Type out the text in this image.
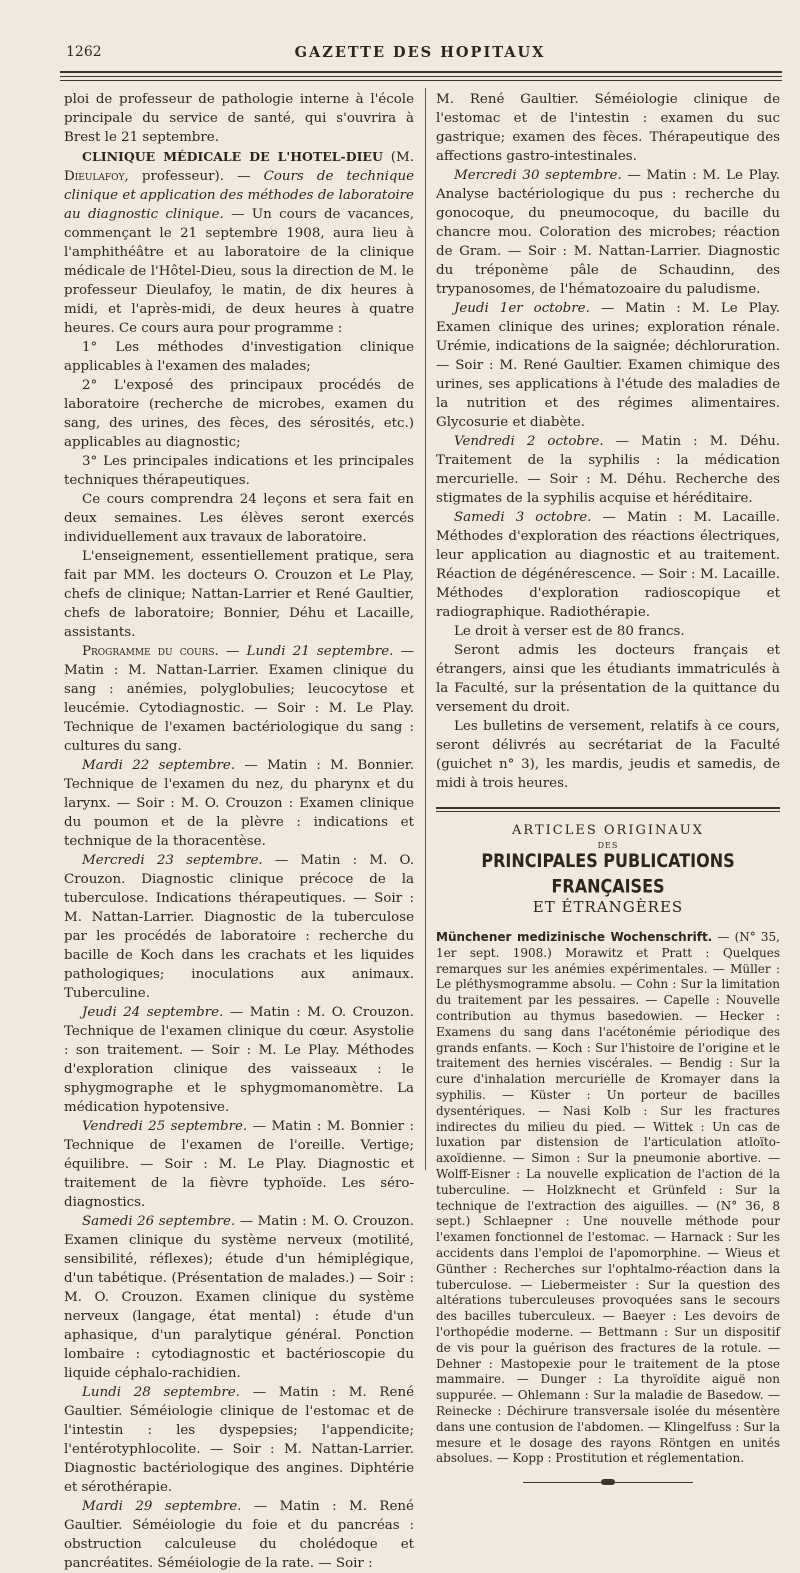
1262	GAZETTE DES HOPITAUX

ploi de professeur de pathologie interne à l'école principale du service de santé, qui s'ouvrira à Brest le 21 septembre.

CLINIQUE MÉDICALE DE L'HOTEL-DIEU (M. Dieulafoy, professeur). — Cours de technique clinique et application des méthodes de laboratoire au diagnostic clinique. — Un cours de vacances, commençant le 21 septembre 1908, aura lieu à l'amphithéâtre et au laboratoire de la clinique médicale de l'Hôtel-Dieu, sous la direction de M. le professeur Dieulafoy, le matin, de dix heures à midi, et l'après-midi, de deux heures à quatre heures. Ce cours aura pour programme :

1° Les méthodes d'investigation clinique applicables à l'examen des malades;

2° L'exposé des principaux procédés de laboratoire (recherche de microbes, examen du sang, des urines, des fèces, des sérosités, etc.) applicables au diagnostic;

3° Les principales indications et les principales techniques thérapeutiques.

Ce cours comprendra 24 leçons et sera fait en deux semaines. Les élèves seront exercés individuellement aux travaux de laboratoire.

L'enseignement, essentiellement pratique, sera fait par MM. les docteurs O. Crouzon et Le Play, chefs de clinique; Nattan-Larrier et René Gaultier, chefs de laboratoire; Bonnier, Déhu et Lacaille, assistants.

Programme du cours. — Lundi 21 septembre. — Matin : M. Nattan-Larrier. Examen clinique du sang : anémies, polyglobulies; leucocytose et leucémie. Cytodiagnostic. — Soir : M. Le Play. Technique de l'examen bactériologique du sang : cultures du sang.

Mardi 22 septembre. — Matin : M. Bonnier. Technique de l'examen du nez, du pharynx et du larynx. — Soir : M. O. Crouzon : Examen clinique du poumon et de la plèvre : indications et technique de la thoracentèse.

Mercredi 23 septembre. — Matin : M. O. Crouzon. Diagnostic clinique précoce de la tuberculose. Indications thérapeutiques. — Soir : M. Nattan-Larrier. Diagnostic de la tuberculose par les procédés de laboratoire : recherche du bacille de Koch dans les crachats et les liquides pathologiques; inoculations aux animaux. Tuberculine.

Jeudi 24 septembre. — Matin : M. O. Crouzon. Technique de l'examen clinique du cœur. Asystolie : son traitement. — Soir : M. Le Play. Méthodes d'exploration clinique des vaisseaux : le sphygmographe et le sphygmomanomètre. La médication hypotensive.

Vendredi 25 septembre. — Matin : M. Bonnier : Technique de l'examen de l'oreille. Vertige; équilibre. — Soir : M. Le Play. Diagnostic et traitement de la fièvre typhoïde. Les séro-diagnostics.

Samedi 26 septembre. — Matin : M. O. Crouzon. Examen clinique du système nerveux (motilité, sensibilité, réflexes); étude d'un hémiplégique, d'un tabétique. (Présentation de malades.) — Soir : M. O. Crouzon. Examen clinique du système nerveux (langage, état mental) : étude d'un aphasique, d'un paralytique général. Ponction lombaire : cytodiagnostic et bactérioscopie du liquide céphalo-rachidien.

Lundi 28 septembre. — Matin : M. René Gaultier. Séméiologie clinique de l'estomac et de l'intestin : les dyspepsies; l'appendicite; l'entérotyphlocolite. — Soir : M. Nattan-Larrier. Diagnostic bactériologique des angines. Diphtérie et sérothérapie.

Mardi 29 septembre. — Matin : M. René Gaultier. Séméiologie du foie et du pancréas : obstruction calculeuse du cholédoque et pancréatites. Séméiologie de la rate. — Soir :

M. René Gaultier. Séméiologie clinique de l'estomac et de l'intestin : examen du suc gastrique; examen des fèces. Thérapeutique des affections gastro-intestinales.

Mercredi 30 septembre. — Matin : M. Le Play. Analyse bactériologique du pus : recherche du gonocoque, du pneumocoque, du bacille du chancre mou. Coloration des microbes; réaction de Gram. — Soir : M. Nattan-Larrier. Diagnostic du tréponème pâle de Schaudinn, des trypanosomes, de l'hématozoaire du paludisme.

Jeudi 1er octobre. — Matin : M. Le Play. Examen clinique des urines; exploration rénale. Urémie, indications de la saignée; déchloruration. — Soir : M. René Gaultier. Examen chimique des urines, ses applications à l'étude des maladies de la nutrition et des régimes alimentaires. Glycosurie et diabète.

Vendredi 2 octobre. — Matin : M. Déhu. Traitement de la syphilis : la médication mercurielle. — Soir : M. Déhu. Recherche des stigmates de la syphilis acquise et héréditaire.

Samedi 3 octobre. — Matin : M. Lacaille. Méthodes d'exploration des réactions électriques, leur application au diagnostic et au traitement. Réaction de dégénérescence. — Soir : M. Lacaille. Méthodes d'exploration radioscopique et radiographique. Radiothérapie.

Le droit à verser est de 80 francs.

Seront admis les docteurs français et étrangers, ainsi que les étudiants immatriculés à la Faculté, sur la présentation de la quittance du versement du droit.

Les bulletins de versement, relatifs à ce cours, seront délivrés au secrétariat de la Faculté (guichet n° 3), les mardis, jeudis et samedis, de midi à trois heures.

ARTICLES ORIGINAUX
DES
PRINCIPALES PUBLICATIONS FRANÇAISES
ET ÉTRANGÈRES

Münchener medizinische Wochenschrift. — (N° 35, 1er sept. 1908.) Morawitz et Pratt : Quelques remarques sur les anémies expérimentales. — Müller : Le pléthysmogramme absolu. — Cohn : Sur la limitation du traitement par les pessaires. — Capelle : Nouvelle contribution au thymus basedowien. — Hecker : Examens du sang dans l'acétonémie périodique des grands enfants. — Koch : Sur l'histoire de l'origine et le traitement des hernies viscérales. — Bendig : Sur la cure d'inhalation mercurielle de Kromayer dans la syphilis. — Küster : Un porteur de bacilles dysentériques. — Nasi Kolb : Sur les fractures indirectes du milieu du pied. — Wittek : Un cas de luxation par distension de l'articulation atloïto-axoïdienne. — Simon : Sur la pneumonie abortive. — Wolff-Eisner : La nouvelle explication de l'action de la tuberculine. — Holzknecht et Grünfeld : Sur la technique de l'extraction des aiguilles. — (N° 36, 8 sept.) Schlaepner : Une nouvelle méthode pour l'examen fonctionnel de l'estomac. — Harnack : Sur les accidents dans l'emploi de l'apomorphine. — Wieus et Günther : Recherches sur l'ophtalmo-réaction dans la tuberculose. — Liebermeister : Sur la question des altérations tuberculeuses provoquées sans le secours des bacilles tuberculeux. — Baeyer : Les devoirs de l'orthopédie moderne. — Bettmann : Sur un dispositif de vis pour la guérison des fractures de la rotule. — Dehner : Mastopexie pour le traitement de la ptose mammaire. — Dunger : La thyroïdite aiguë non suppurée. — Ohlemann : Sur la maladie de Basedow. — Reinecke : Déchirure transversale isolée du mésentère dans une contusion de l'abdomen. — Klingelfuss : Sur la mesure et le dosage des rayons Röntgen en unités absolues. — Kopp : Prostitution et réglementation.
